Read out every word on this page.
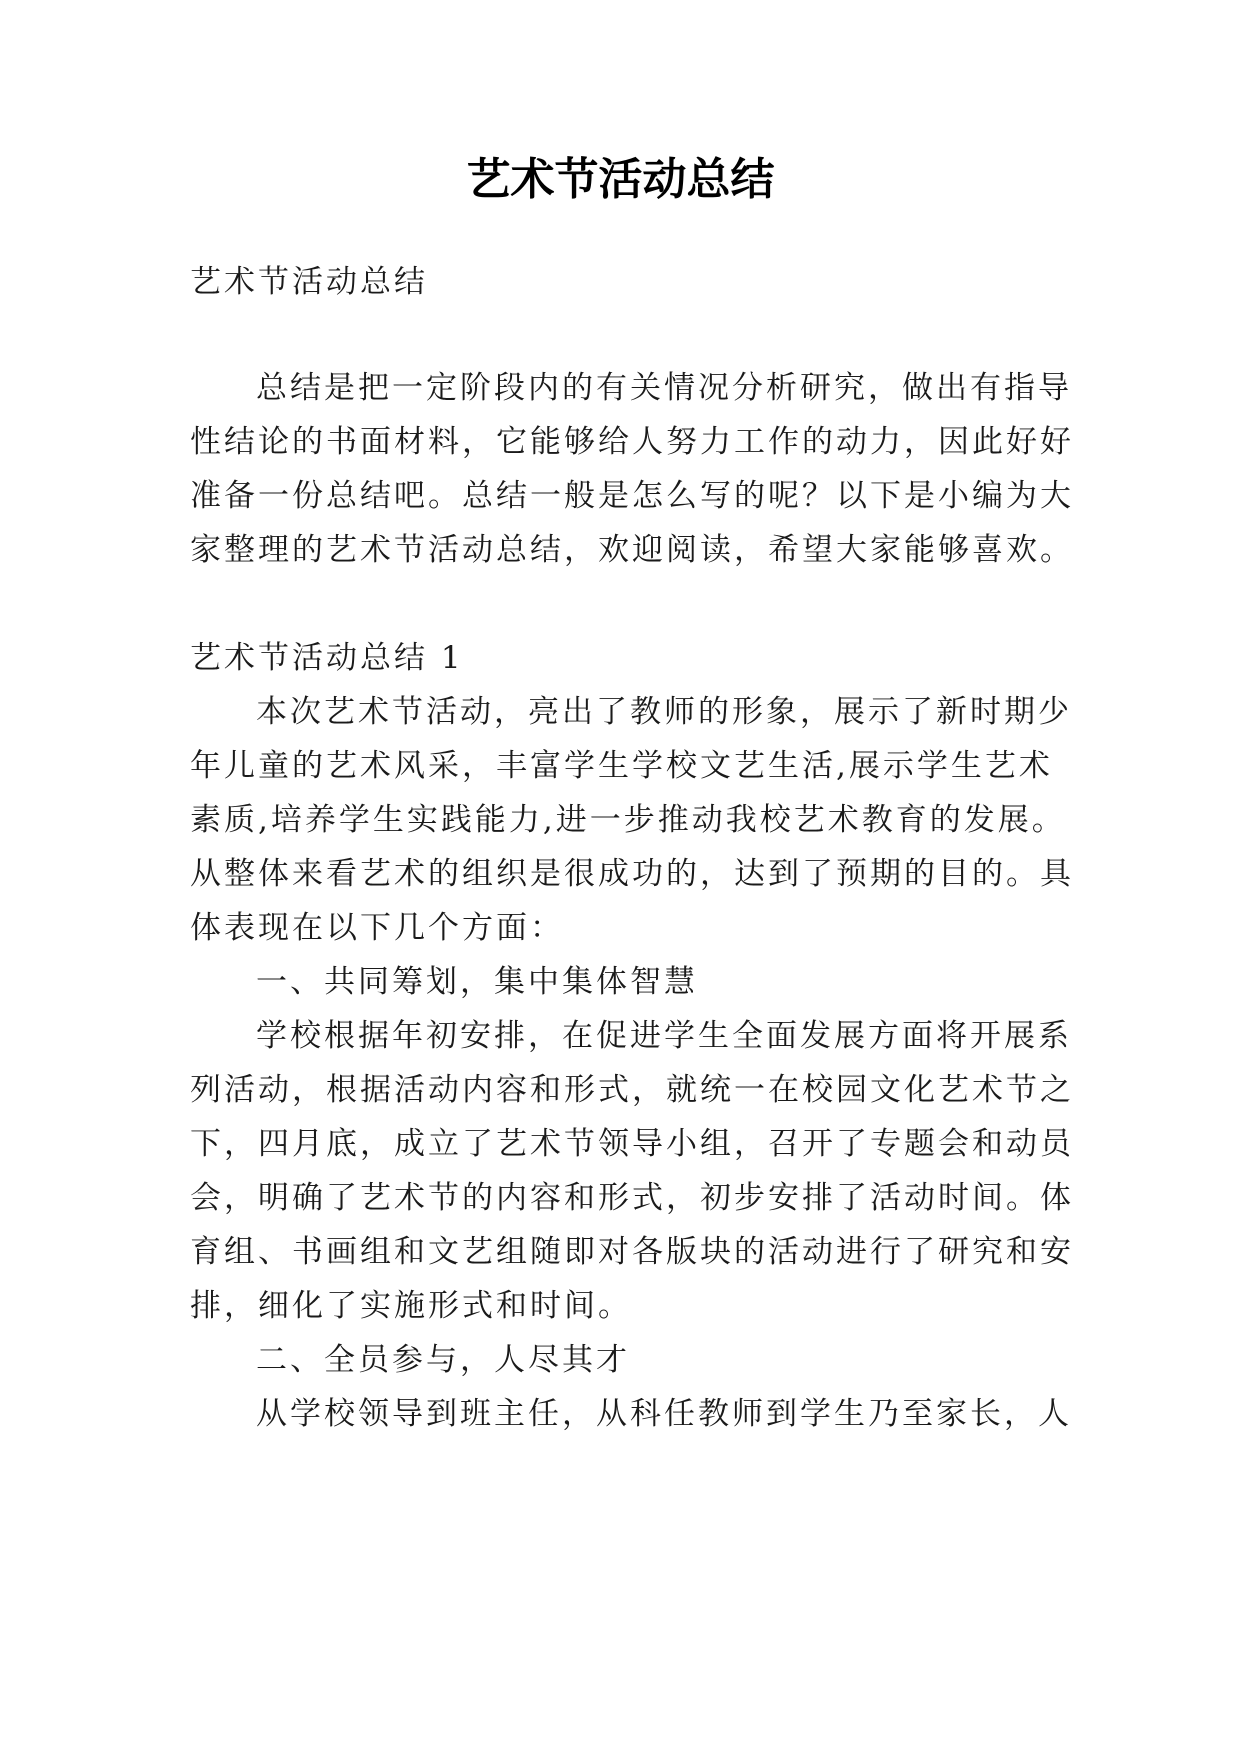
艺术节活动总结

艺术节活动总结

总结是把一定阶段内的有关情况分析研究，做出有指导

性结论的书面材料，它能够给人努力工作的动力，因此好好

准备一份总结吧。总结一般是怎么写的呢？以下是小编为大

家整理的艺术节活动总结，欢迎阅读，希望大家能够喜欢。

艺术节活动总结 1

本次艺术节活动，亮出了教师的形象，展示了新时期少

年儿童的艺术风采，丰富学生学校文艺生活,展示学生艺术

素质,培养学生实践能力,进一步推动我校艺术教育的发展。

从整体来看艺术的组织是很成功的，达到了预期的目的。具

体表现在以下几个方面：

一、共同筹划，集中集体智慧

学校根据年初安排，在促进学生全面发展方面将开展系

列活动，根据活动内容和形式，就统一在校园文化艺术节之

下，四月底，成立了艺术节领导小组，召开了专题会和动员

会，明确了艺术节的内容和形式，初步安排了活动时间。体

育组、书画组和文艺组随即对各版块的活动进行了研究和安

排，细化了实施形式和时间。

二、全员参与，人尽其才

从学校领导到班主任，从科任教师到学生乃至家长，人
